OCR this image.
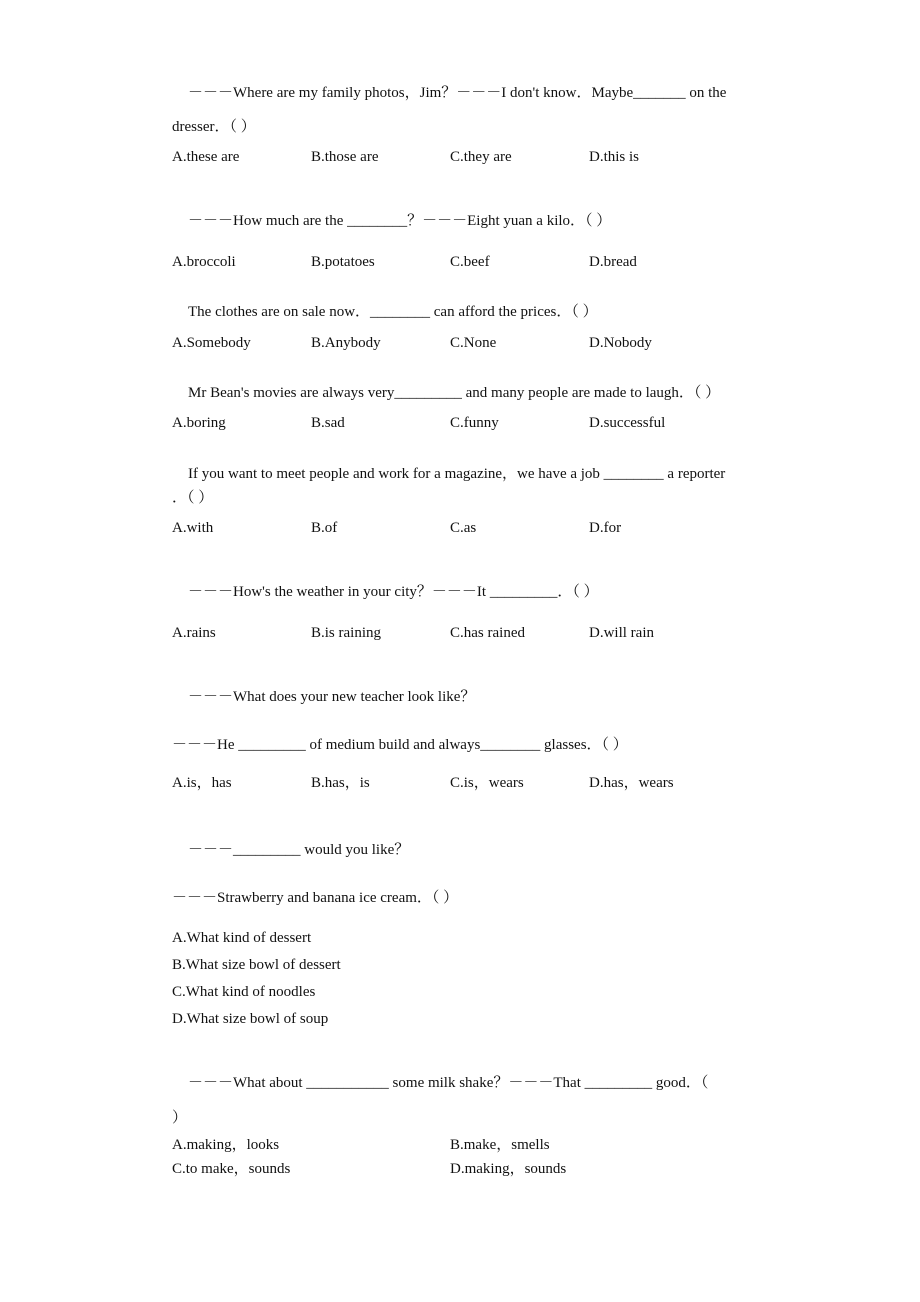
－－－Where are my family photos，Jim？－－－I don't know．Maybe_______ on the
dresser．（ ）
A.these are	B.those are	C.they are	D.this is
－－－How much are the ________？－－－Eight yuan a kilo．（ ）
A.broccoli	B.potatoes	C.beef	D.bread
The clothes are on sale now．________ can afford the prices．（ ）
A.Somebody	B.Anybody	C.None	D.Nobody
Mr Bean's movies are always very_________ and many people are made to laugh．（ ）
A.boring	B.sad	C.funny	D.successful
If you want to meet people and work for a magazine，we have a job ________ a reporter
．（ ）
A.with	B.of	C.as	D.for
－－－How's the weather in your city？－－－It _________．（ ）
A.rains	B.is raining	C.has rained	D.will rain
－－－What does your new teacher look like？
－－－He _________ of medium build and always________ glasses．（ ）
A.is，has	B.has，is	C.is，wears	D.has，wears
－－－_________ would you like？
－－－Strawberry and banana ice cream．（ ）
A.What kind of dessert
B.What size bowl of dessert
C.What kind of noodles
D.What size bowl of soup
－－－What about ___________ some milk shake？－－－That _________ good．（
）
A.making，looks	B.make，smells
C.to make，sounds	D.making，sounds
